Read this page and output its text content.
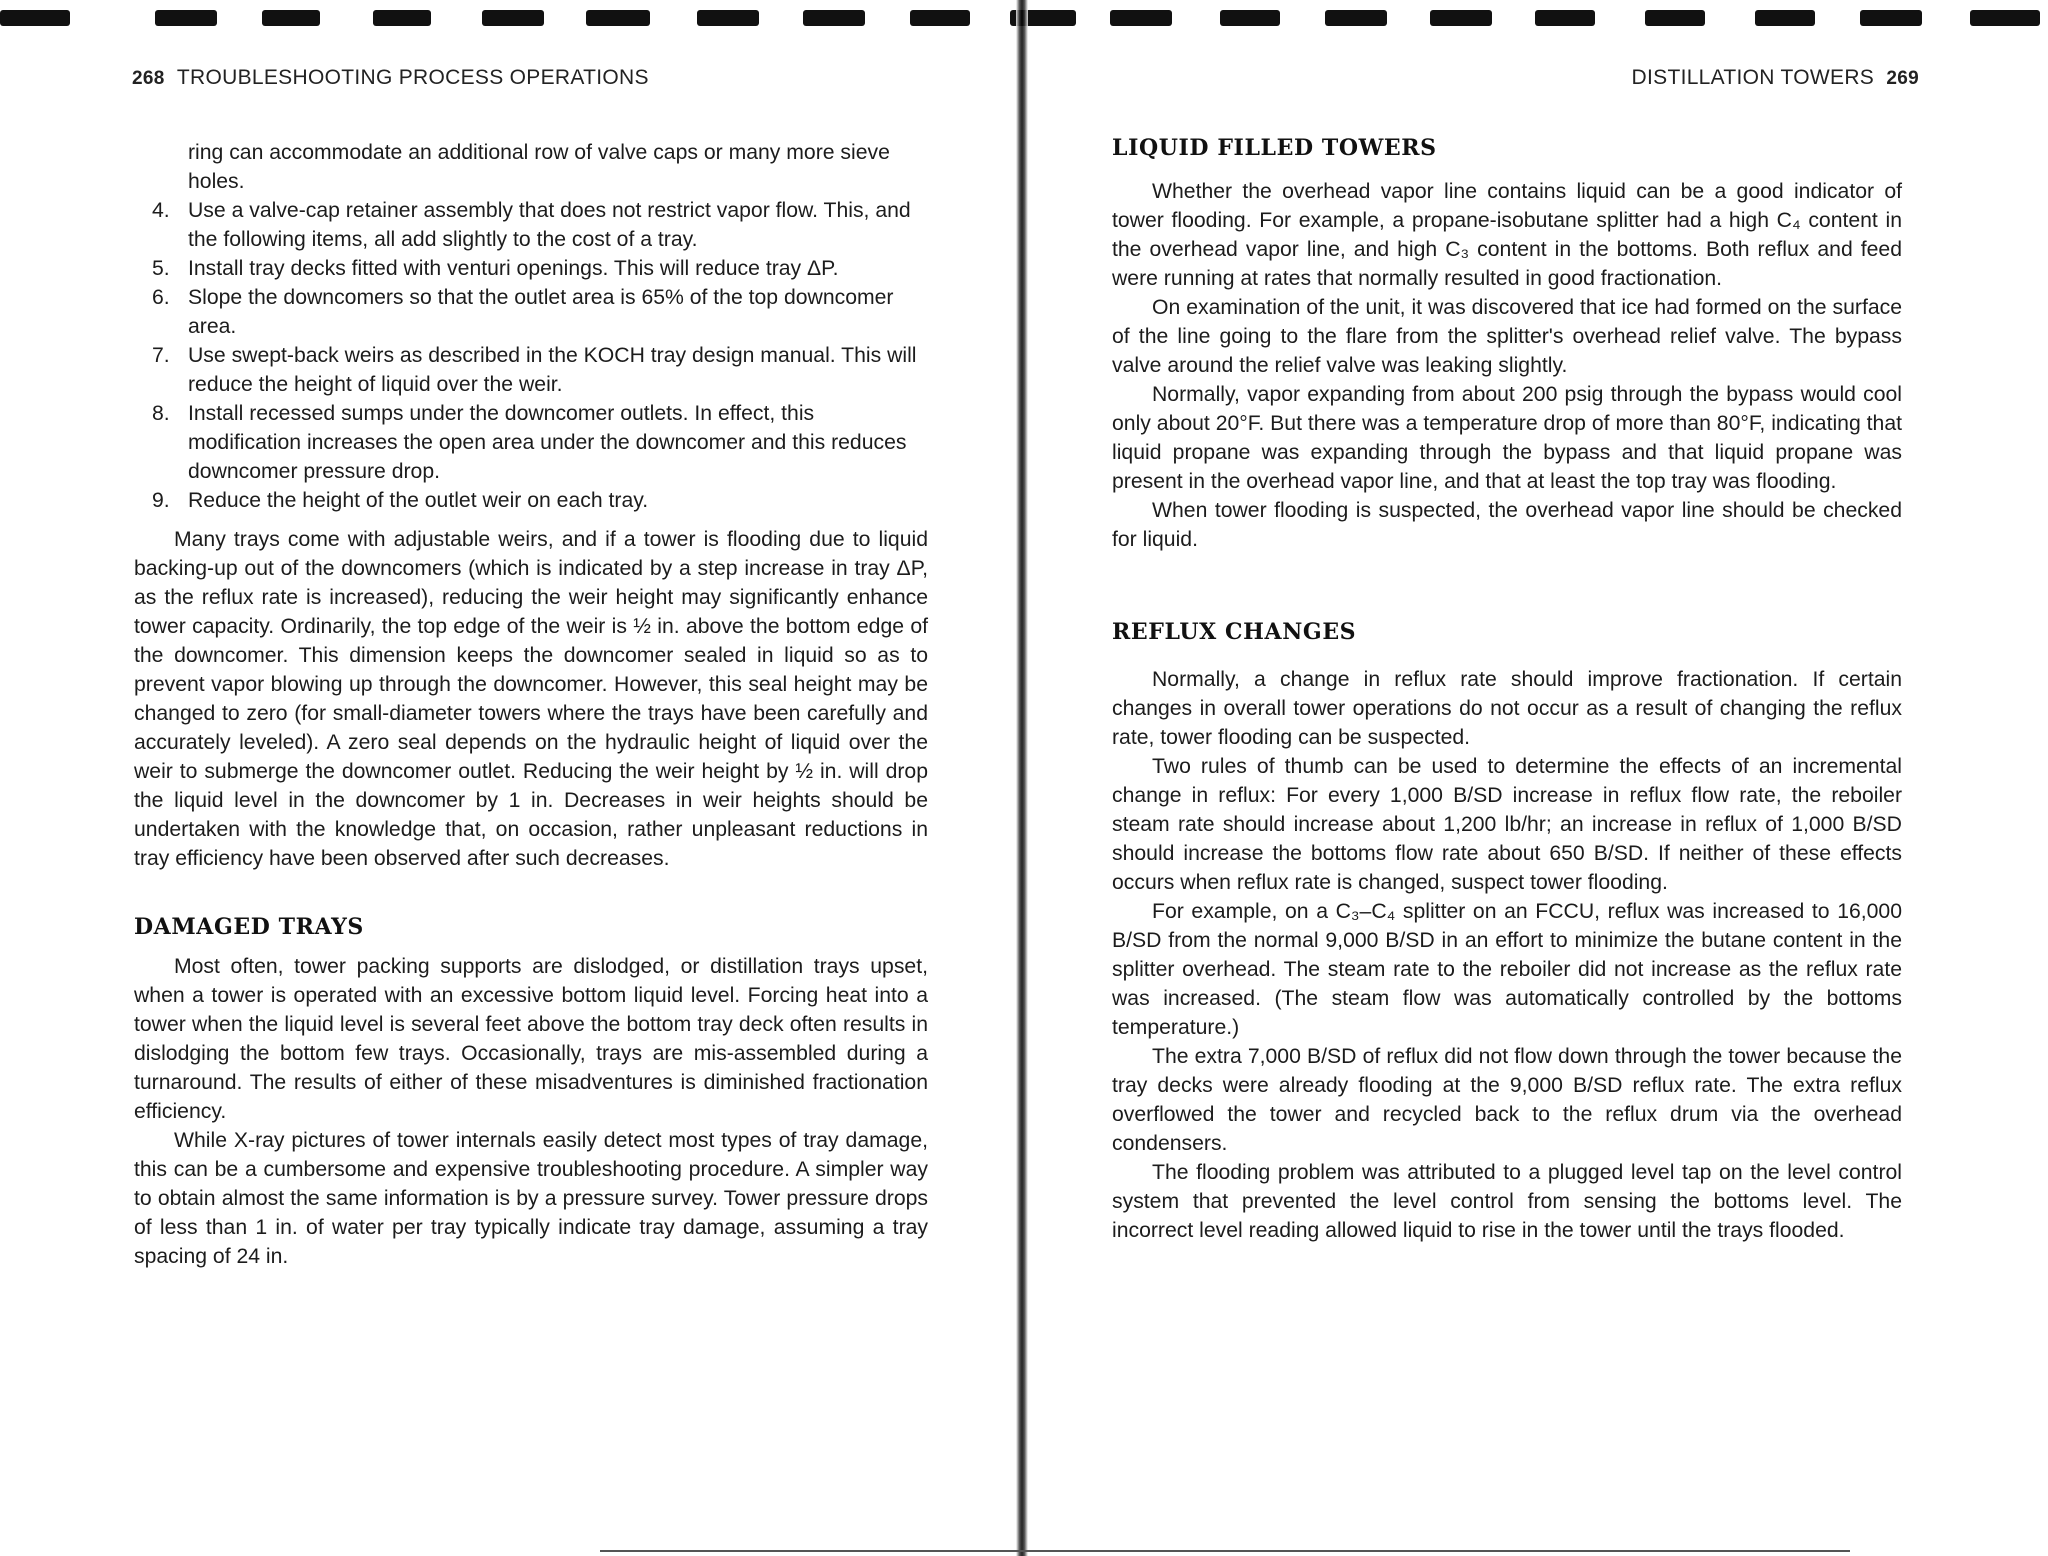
268 TROUBLESHOOTING PROCESS OPERATIONS	DISTILLATION TOWERS 269
ring can accommodate an additional row of valve caps or many more sieve holes.
4. Use a valve-cap retainer assembly that does not restrict vapor flow. This, and the following items, all add slightly to the cost of a tray.
5. Install tray decks fitted with venturi openings. This will reduce tray ΔP.
6. Slope the downcomers so that the outlet area is 65% of the top downcomer area.
7. Use swept-back weirs as described in the KOCH tray design manual. This will reduce the height of liquid over the weir.
8. Install recessed sumps under the downcomer outlets. In effect, this modification increases the open area under the downcomer and this reduces downcomer pressure drop.
9. Reduce the height of the outlet weir on each tray.

Many trays come with adjustable weirs, and if a tower is flooding due to liquid backing-up out of the downcomers (which is indicated by a step increase in tray ΔP, as the reflux rate is increased), reducing the weir height may significantly enhance tower capacity. Ordinarily, the top edge of the weir is ½ in. above the bottom edge of the downcomer. This dimension keeps the downcomer sealed in liquid so as to prevent vapor blowing up through the downcomer. However, this seal height may be changed to zero (for small-diameter towers where the trays have been carefully and accurately leveled). A zero seal depends on the hydraulic height of liquid over the weir to submerge the downcomer outlet. Reducing the weir height by ½ in. will drop the liquid level in the downcomer by 1 in. Decreases in weir heights should be undertaken with the knowledge that, on occasion, rather unpleasant reductions in tray efficiency have been observed after such decreases.

DAMAGED TRAYS

Most often, tower packing supports are dislodged, or distillation trays upset, when a tower is operated with an excessive bottom liquid level. Forcing heat into a tower when the liquid level is several feet above the bottom tray deck often results in dislodging the bottom few trays. Occasionally, trays are mis-assembled during a turnaround. The results of either of these misadventures is diminished fractionation efficiency.

While X-ray pictures of tower internals easily detect most types of tray damage, this can be a cumbersome and expensive troubleshooting procedure. A simpler way to obtain almost the same information is by a pressure survey. Tower pressure drops of less than 1 in. of water per tray typically indicate tray damage, assuming a tray spacing of 24 in.

LIQUID FILLED TOWERS

Whether the overhead vapor line contains liquid can be a good indicator of tower flooding. For example, a propane-isobutane splitter had a high C₄ content in the overhead vapor line, and high C₃ content in the bottoms. Both reflux and feed were running at rates that normally resulted in good fractionation.

On examination of the unit, it was discovered that ice had formed on the surface of the line going to the flare from the splitter's overhead relief valve. The bypass valve around the relief valve was leaking slightly.

Normally, vapor expanding from about 200 psig through the bypass would cool only about 20°F. But there was a temperature drop of more than 80°F, indicating that liquid propane was expanding through the bypass and that liquid propane was present in the overhead vapor line, and that at least the top tray was flooding.

When tower flooding is suspected, the overhead vapor line should be checked for liquid.

REFLUX CHANGES

Normally, a change in reflux rate should improve fractionation. If certain changes in overall tower operations do not occur as a result of changing the reflux rate, tower flooding can be suspected.

Two rules of thumb can be used to determine the effects of an incremental change in reflux: For every 1,000 B/SD increase in reflux flow rate, the reboiler steam rate should increase about 1,200 lb/hr; an increase in reflux of 1,000 B/SD should increase the bottoms flow rate about 650 B/SD. If neither of these effects occurs when reflux rate is changed, suspect tower flooding.

For example, on a C₃–C₄ splitter on an FCCU, reflux was increased to 16,000 B/SD from the normal 9,000 B/SD in an effort to minimize the butane content in the splitter overhead. The steam rate to the reboiler did not increase as the reflux rate was increased. (The steam flow was automatically controlled by the bottoms temperature.)

The extra 7,000 B/SD of reflux did not flow down through the tower because the tray decks were already flooding at the 9,000 B/SD reflux rate. The extra reflux overflowed the tower and recycled back to the reflux drum via the overhead condensers.

The flooding problem was attributed to a plugged level tap on the level control system that prevented the level control from sensing the bottoms level. The incorrect level reading allowed liquid to rise in the tower until the trays flooded.
